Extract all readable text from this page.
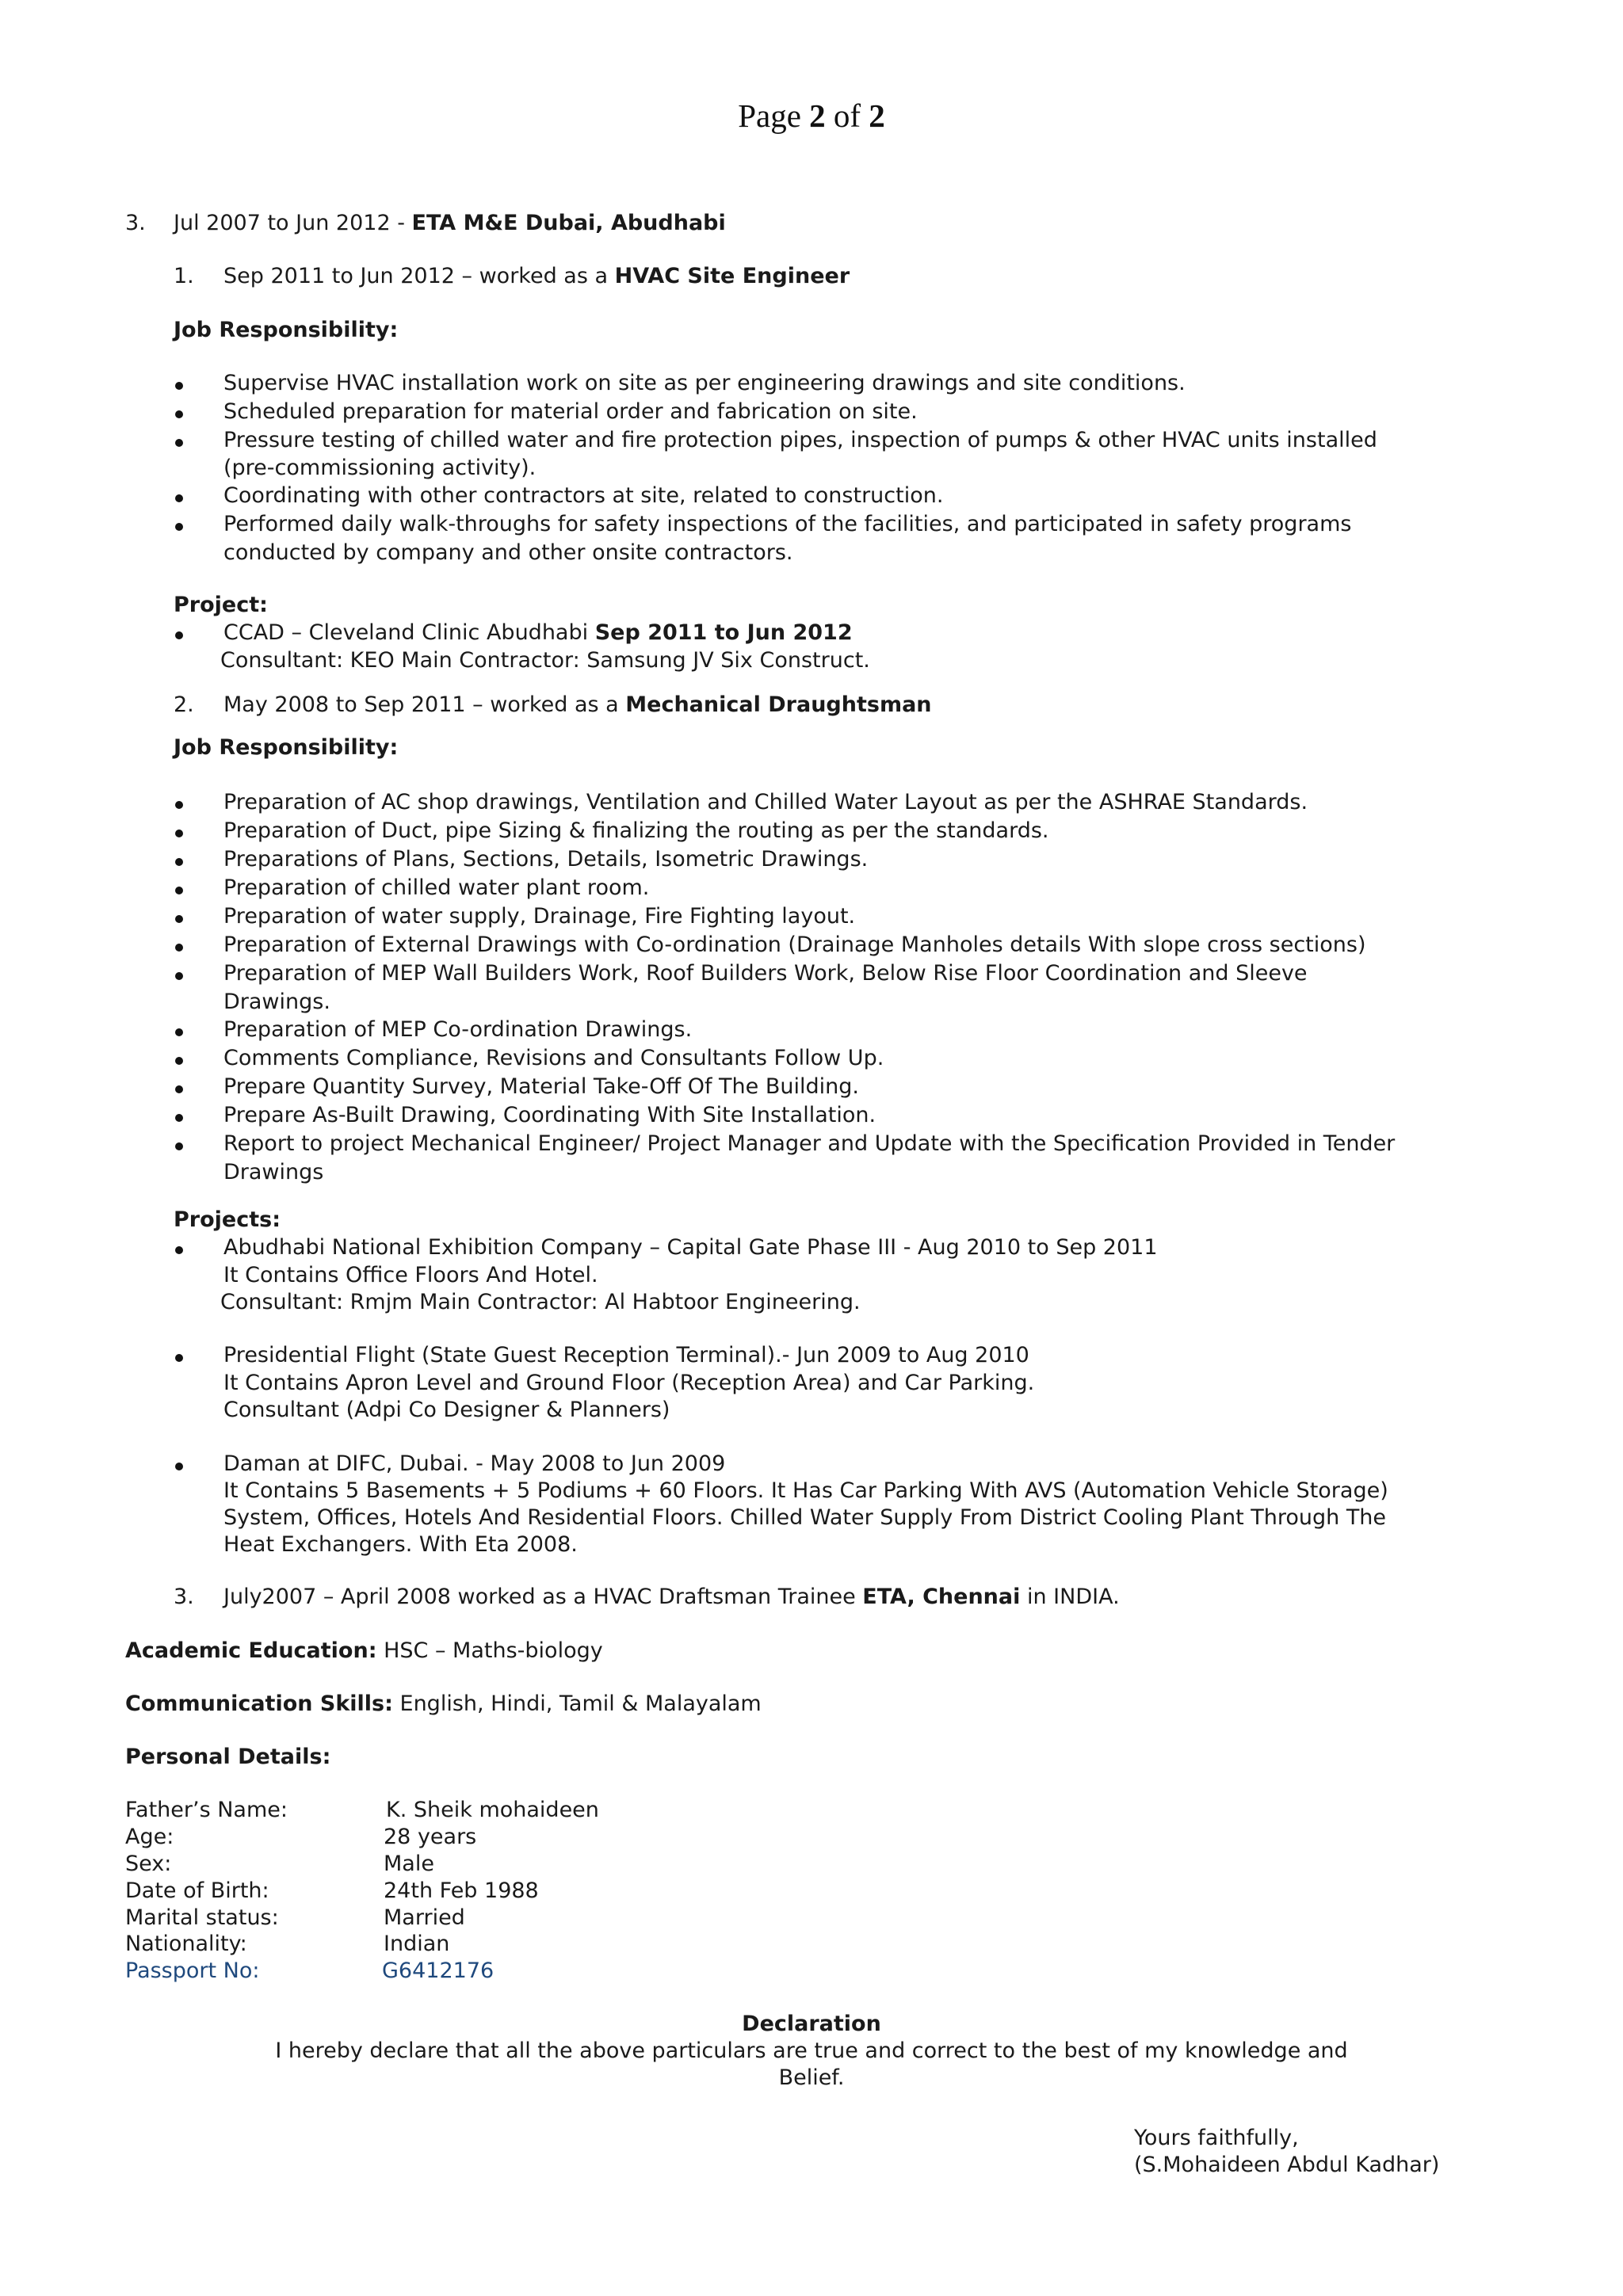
Page 2 of 2
3. Jul 2007 to Jun 2012 - ETA M&E Dubai, Abudhabi
1. Sep 2011 to Jun 2012 – worked as a HVAC Site Engineer
Job Responsibility:
Supervise HVAC installation work on site as per engineering drawings and site conditions.
Scheduled preparation for material order and fabrication on site.
Pressure testing of chilled water and fire protection pipes, inspection of pumps & other HVAC units installed
(pre-commissioning activity).
Coordinating with other contractors at site, related to construction.
Performed daily walk-throughs for safety inspections of the facilities, and participated in safety programs
conducted by company and other onsite contractors.
Project:
CCAD – Cleveland Clinic Abudhabi Sep 2011 to Jun 2012
Consultant: KEO Main Contractor: Samsung JV Six Construct.
2. May 2008 to Sep 2011 – worked as a Mechanical Draughtsman
Job Responsibility:
Preparation of AC shop drawings, Ventilation and Chilled Water Layout as per the ASHRAE Standards.
Preparation of Duct, pipe Sizing & finalizing the routing as per the standards.
Preparations of Plans, Sections, Details, Isometric Drawings.
Preparation of chilled water plant room.
Preparation of water supply, Drainage, Fire Fighting layout.
Preparation of External Drawings with Co-ordination (Drainage Manholes details With slope cross sections)
Preparation of MEP Wall Builders Work, Roof Builders Work, Below Rise Floor Coordination and Sleeve
Drawings.
Preparation of MEP Co-ordination Drawings.
Comments Compliance, Revisions and Consultants Follow Up.
Prepare Quantity Survey, Material Take-Off Of The Building.
Prepare As-Built Drawing, Coordinating With Site Installation.
Report to project Mechanical Engineer/ Project Manager and Update with the Specification Provided in Tender
Drawings
Projects:
Abudhabi National Exhibition Company – Capital Gate Phase III - Aug 2010 to Sep 2011
It Contains Office Floors And Hotel.
Consultant: Rmjm Main Contractor: Al Habtoor Engineering.
Presidential Flight (State Guest Reception Terminal).- Jun 2009 to Aug 2010
It Contains Apron Level and Ground Floor (Reception Area) and Car Parking.
Consultant (Adpi Co Designer & Planners)
Daman at DIFC, Dubai. - May 2008 to Jun 2009
It Contains 5 Basements + 5 Podiums + 60 Floors. It Has Car Parking With AVS (Automation Vehicle Storage)
System, Offices, Hotels And Residential Floors. Chilled Water Supply From District Cooling Plant Through The
Heat Exchangers. With Eta 2008.
3. July2007 – April 2008 worked as a HVAC Draftsman Trainee ETA, Chennai in INDIA.
Academic Education: HSC – Maths-biology
Communication Skills: English, Hindi, Tamil & Malayalam
Personal Details:
Father’s Name:	K. Sheik mohaideen
Age:	28 years
Sex:	Male
Date of Birth:	24th Feb 1988
Marital status:	Married
Nationality:	Indian
Passport No:	G6412176
Declaration
I hereby declare that all the above particulars are true and correct to the best of my knowledge and
Belief.
Yours faithfully,
(S.Mohaideen Abdul Kadhar)
